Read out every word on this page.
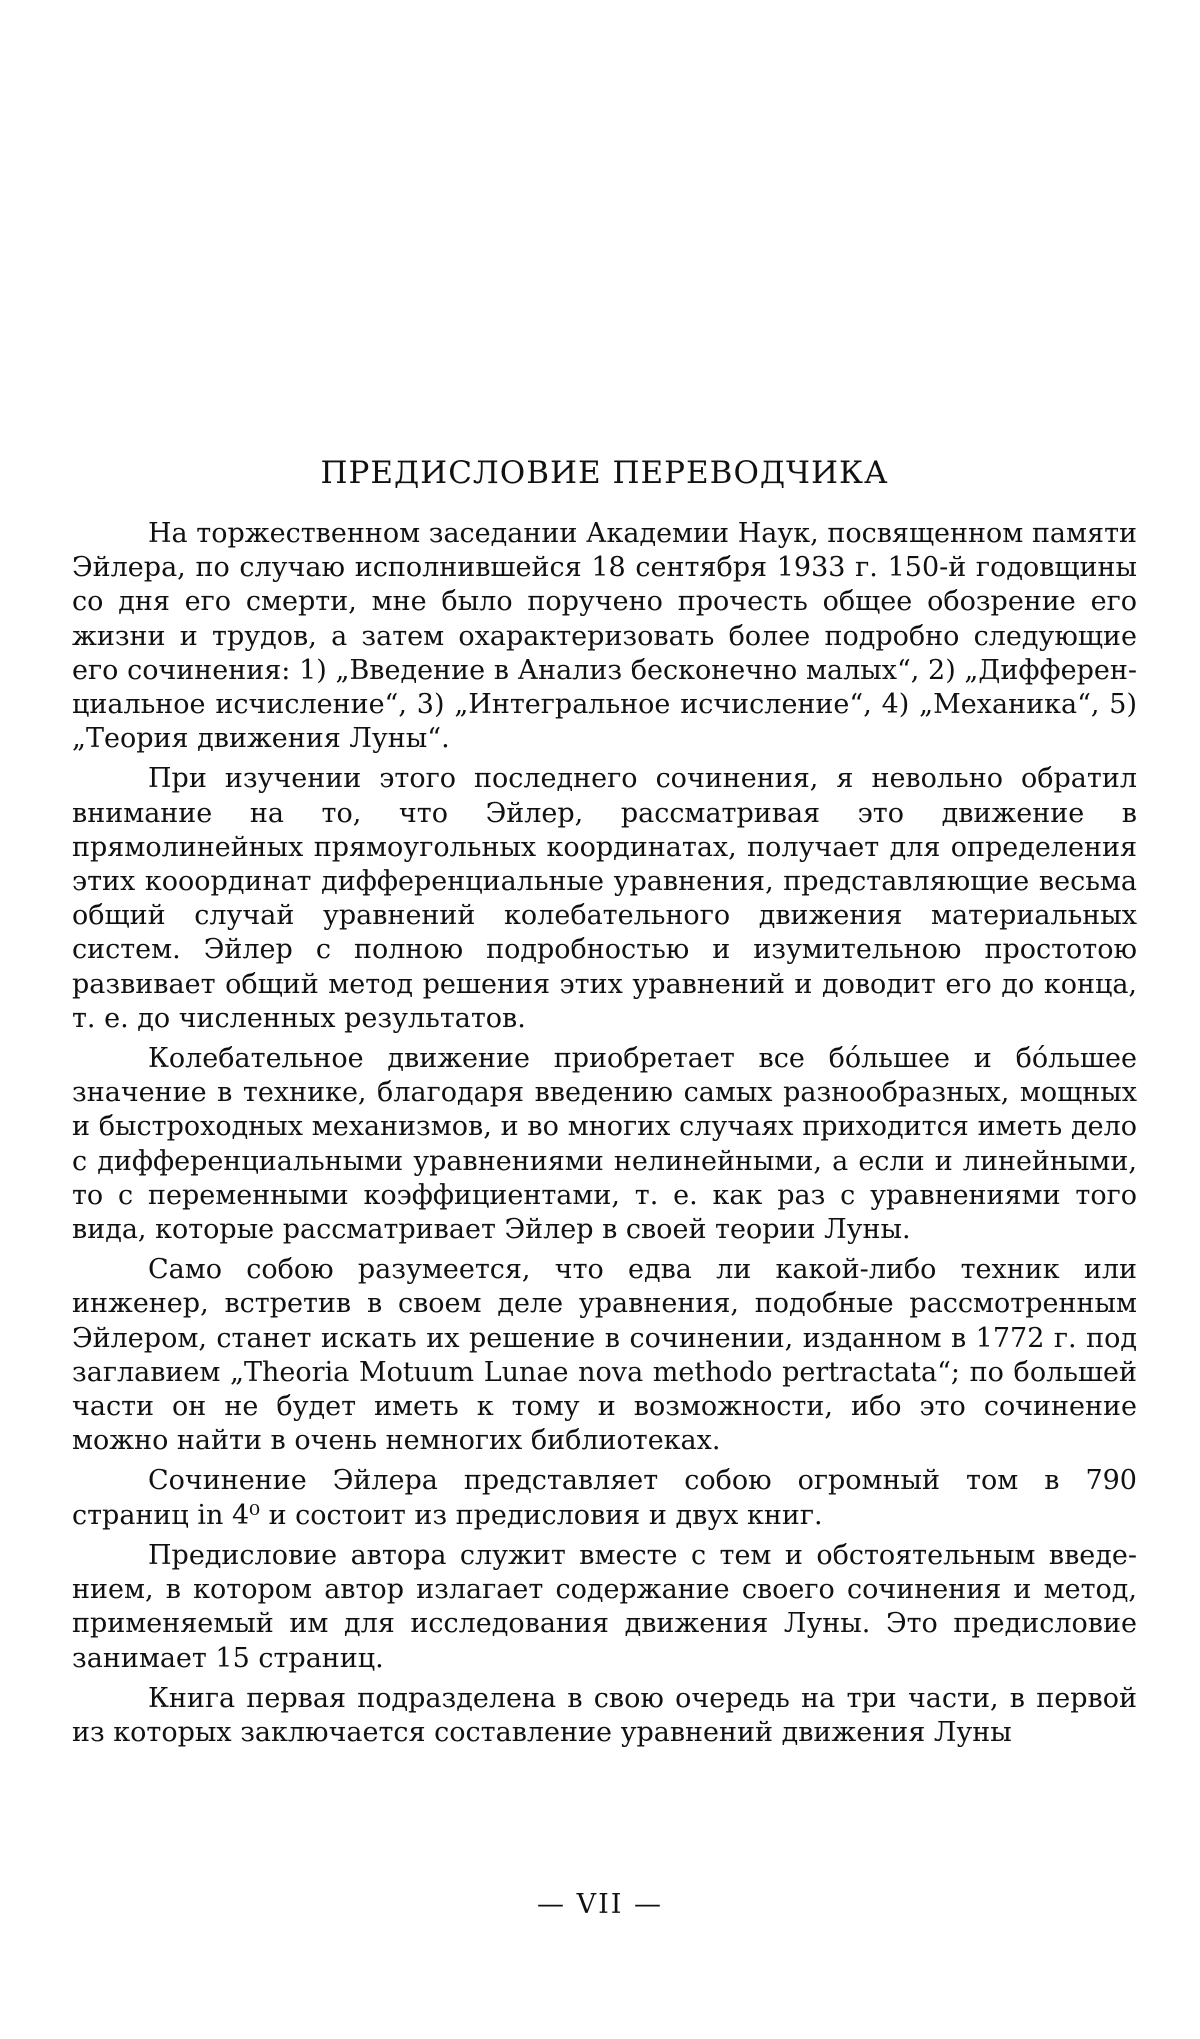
ПРЕДИСЛОВИЕ ПЕРЕВОДЧИКА

На торжественном заседании Академии Наук, посвященном памяти Эйлера, по случаю исполнившейся 18 сентября 1933 г. 150-й годовщины со дня его смерти, мне было поручено прочесть общее обозрение его жизни и трудов, а затем охарактеризовать более подробно следующие его сочинения: 1) „Введение в Анализ бесконечно малых“, 2) „Дифференциальное исчисление“, 3) „Интегральное исчисление“, 4) „Механика“, 5) „Теория движения Луны“.

При изучении этого последнего сочинения, я невольно обратил внимание на то, что Эйлер, рассматривая это движение в прямолинейных прямоугольных координатах, получает для определения этих кооординат дифференциальные уравнения, представляющие весьма общий случай уравнений колебательного движения материальных систем. Эйлер с полною подробностью и изумительною простотою развивает общий метод решения этих уравнений и доводит его до конца, т. е. до численных результатов.

Колебательное движение приобретает все бо́льшее и бо́льшее значение в технике, благодаря введению самых разнообразных, мощных и быстроходных механизмов, и во многих случаях приходится иметь дело с дифференциальными уравнениями нелинейными, а если и линейными, то с переменными коэффициентами, т. е. как раз с уравнениями того вида, которые рассматривает Эйлер в своей теории Луны.

Само собою разумеется, что едва ли какой-либо техник или инженер, встретив в своем деле уравнения, подобные рассмотренным Эйлером, станет искать их решение в сочинении, изданном в 1772 г. под заглавием „Theoria Motuum Lunae nova methodo pertractata“; по большей части он не будет иметь к тому и возможности, ибо это сочинение можно найти в очень немногих библиотеках.

Сочинение Эйлера представляет собою огромный том в 790 страниц in 4⁰ и состоит из предисловия и двух книг.

Предисловие автора служит вместе с тем и обстоятельным введением, в котором автор излагает содержание своего сочинения и метод, применяемый им для исследования движения Луны. Это предисловие занимает 15 страниц.

Книга первая подразделена в свою очередь на три части, в первой из которых заключается составление уравнений движения Луны

— VII —
